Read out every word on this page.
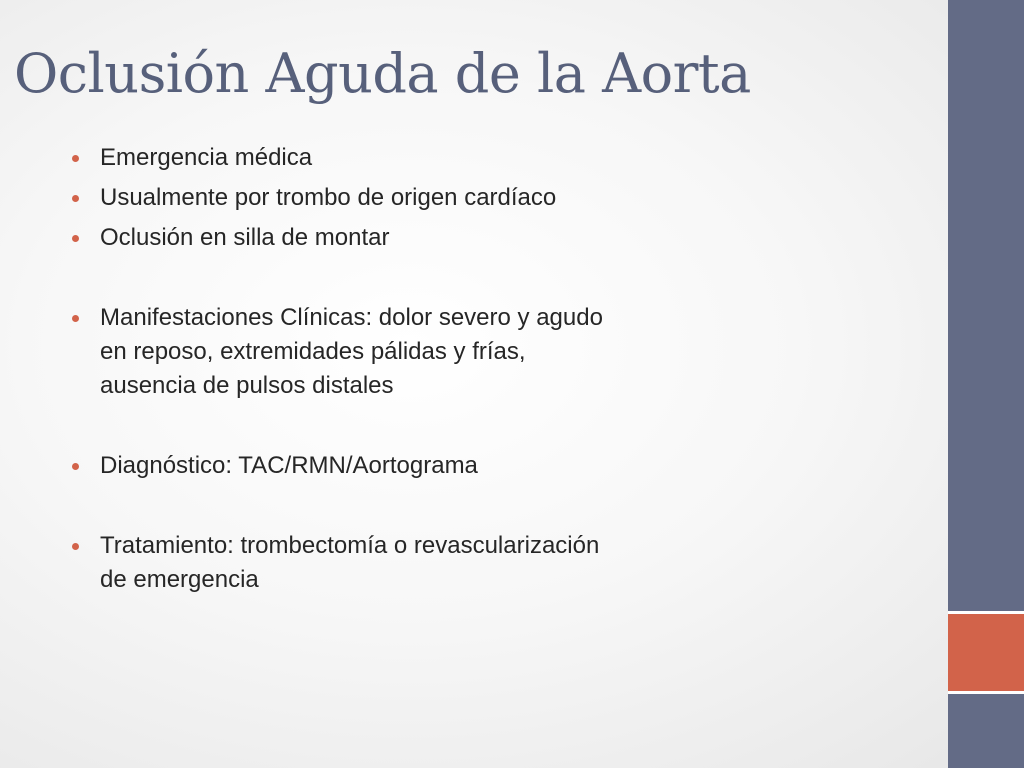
Oclusión Aguda de la Aorta
Emergencia médica
Usualmente por trombo de origen cardíaco
Oclusión en silla de montar
Manifestaciones Clínicas: dolor severo y agudo en reposo, extremidades pálidas y frías, ausencia de pulsos distales
Diagnóstico: TAC/RMN/Aortograma
Tratamiento: trombectomía o revascularización de emergencia
